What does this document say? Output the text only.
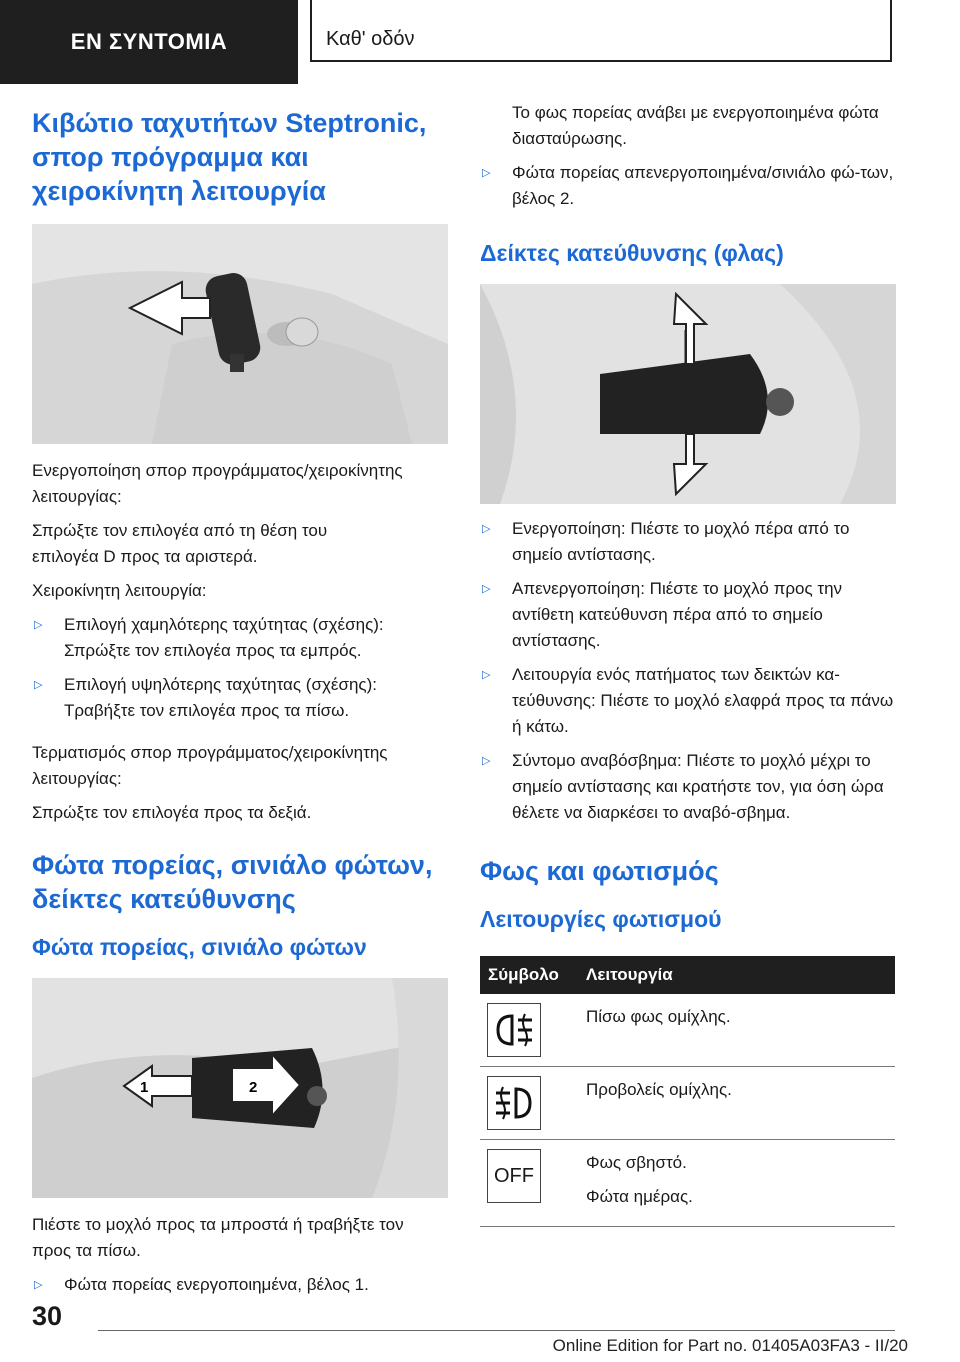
ΕΝ ΣΥΝΤΟΜΙΑ	Καθ' οδόν
Κιβώτιο ταχυτήτων Steptronic, σπορ πρόγραμμα και χειροκίνητη λειτουργία

Ενεργοποίηση σπορ προγράμματος/χειροκίνητης λειτουργίας:

Σπρώξτε τον επιλογέα από τη θέση του επιλογέα D προς τα αριστερά.

Χειροκίνητη λειτουργία:

▷	Επιλογή χαμηλότερης ταχύτητας (σχέσης): Σπρώξτε τον επιλογέα προς τα εμπρός.
▷	Επιλογή υψηλότερης ταχύτητας (σχέσης): Τραβήξτε τον επιλογέα προς τα πίσω.

Τερματισμός σπορ προγράμματος/χειροκίνητης λειτουργίας:

Σπρώξτε τον επιλογέα προς τα δεξιά.

Φώτα πορείας, σινιάλο φώτων, δείκτες κατεύθυνσης
Φώτα πορείας, σινιάλο φώτων
1	2

Πιέστε το μοχλό προς τα μπροστά ή τραβήξτε τον προς τα πίσω.

▷	Φώτα πορείας ενεργοποιημένα, βέλος 1.

Το φως πορείας ανάβει με ενεργοποιημένα φώτα διασταύρωσης.

▷	Φώτα πορείας απενεργοποιημένα/σινιάλο φώ‐των, βέλος 2.
Δείκτες κατεύθυνσης (φλας)
▷	Ενεργοποίηση: Πιέστε το μοχλό πέρα από το σημείο αντίστασης.
▷	Απενεργοποίηση: Πιέστε το μοχλό προς την αντίθετη κατεύθυνση πέρα από το σημείο αντίστασης.
▷	Λειτουργία ενός πατήματος των δεικτών κα‐τεύθυνσης: Πιέστε το μοχλό ελαφρά προς τα πάνω ή κάτω.
▷	Σύντομο αναβόσβημα: Πιέστε το μοχλό μέχρι το σημείο αντίστασης και κρατήστε τον, για όση ώρα θέλετε να διαρκέσει το αναβό‐σβημα.
Φως και φωτισμός
Λειτουργίες φωτισμού
Σύμβολο	Λειτουργία

	Πίσω φως ομίχλης.

	Προβολείς ομίχλης.

OFF	Φως σβηστό.
Φώτα ημέρας.
30
Online Edition for Part no. 01405A03FA3 - II/20
